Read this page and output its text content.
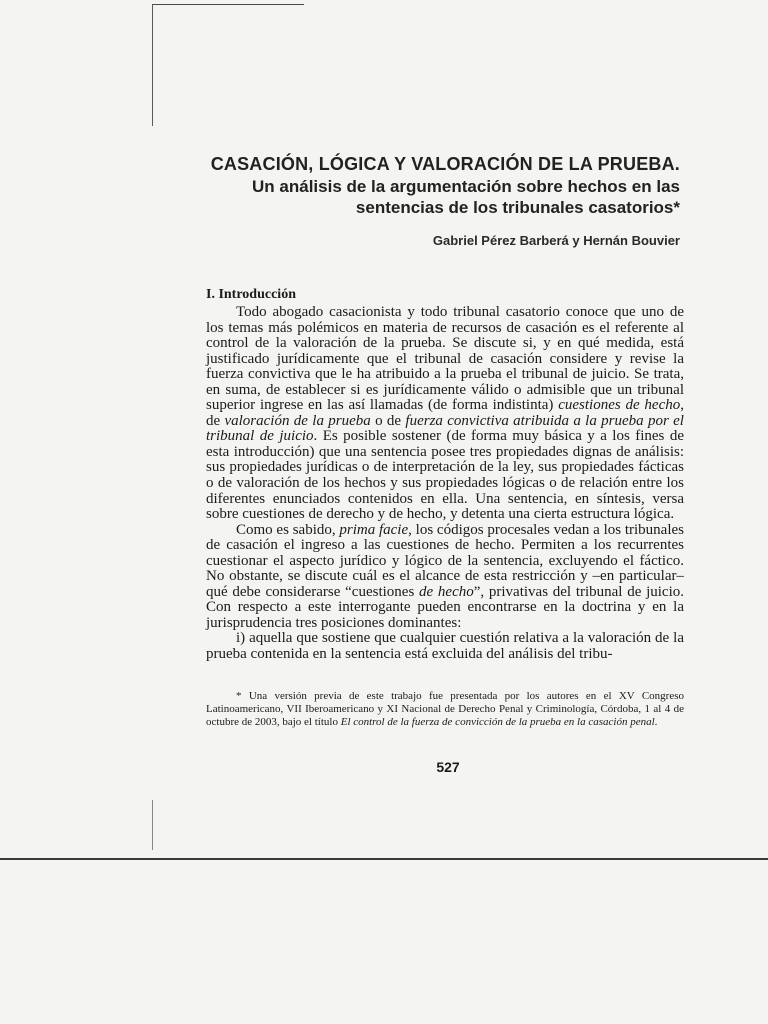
CASACIÓN, LÓGICA Y VALORACIÓN DE LA PRUEBA.
Un análisis de la argumentación sobre hechos en las
sentencias de los tribunales casatorios*
Gabriel Pérez Barberá y Hernán Bouvier
I. Introducción

Todo abogado casacionista y todo tribunal casatorio conoce que uno de los temas más polémicos en materia de recursos de casación es el referente al control de la valoración de la prueba. Se discute si, y en qué medida, está justificado jurídicamente que el tribunal de casación considere y revise la fuerza convictiva que le ha atribuido a la prueba el tribunal de juicio. Se trata, en suma, de establecer si es jurídicamente válido o admisible que un tribunal superior ingrese en las así llamadas (de forma indistinta) cuestiones de hecho, de valoración de la prueba o de fuerza convictiva atribuida a la prueba por el tribunal de juicio. Es posible sostener (de forma muy básica y a los fines de esta introducción) que una sentencia posee tres propiedades dignas de análisis: sus propiedades jurídicas o de interpretación de la ley, sus propiedades fácticas o de valoración de los hechos y sus propiedades lógicas o de relación entre los diferentes enunciados contenidos en ella. Una sentencia, en síntesis, versa sobre cuestiones de derecho y de hecho, y detenta una cierta estructura lógica.

Como es sabido, prima facie, los códigos procesales vedan a los tribunales de casación el ingreso a las cuestiones de hecho. Permiten a los recurrentes cuestionar el aspecto jurídico y lógico de la sentencia, excluyendo el fáctico. No obstante, se discute cuál es el alcance de esta restricción y –en particular– qué debe considerarse “cuestiones de hecho”, privativas del tribunal de juicio. Con respecto a este interrogante pueden encontrarse en la doctrina y en la jurisprudencia tres posiciones dominantes:

i) aquella que sostiene que cualquier cuestión relativa a la valoración de la prueba contenida en la sentencia está excluida del análisis del tribu-

* Una versión previa de este trabajo fue presentada por los autores en el XV Congreso Latinoamericano, VII Iberoamericano y XI Nacional de Derecho Penal y Criminología, Córdoba, 1 al 4 de octubre de 2003, bajo el título El control de la fuerza de convicción de la prueba en la casación penal.

527
